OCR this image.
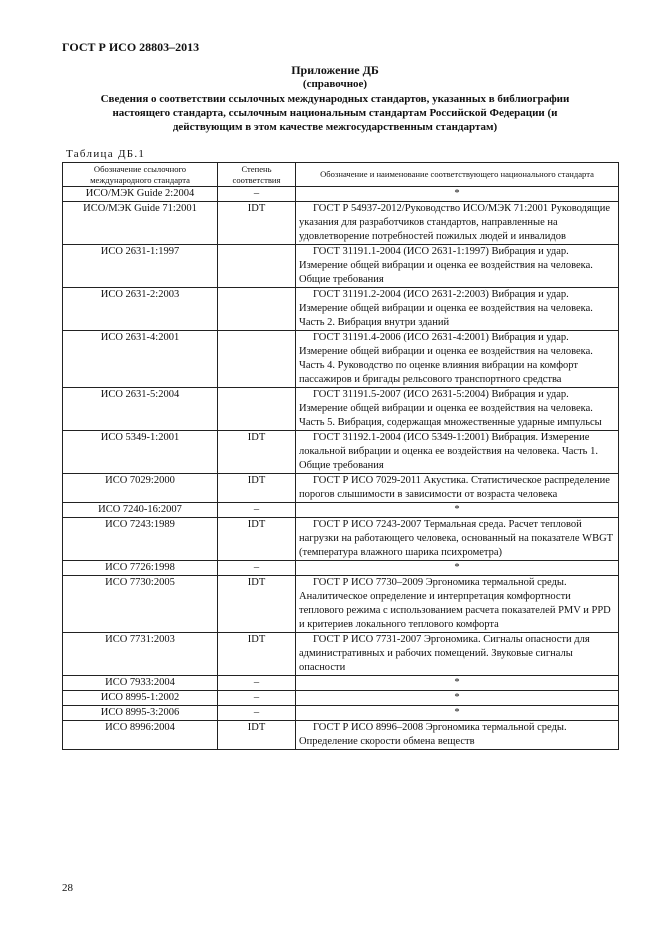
ГОСТ Р ИСО 28803–2013
Приложение ДБ
(справочное)
Сведения о соответствии ссылочных международных стандартов, указанных в библиографии
настоящего стандарта, ссылочным национальным стандартам Российской Федерации (и
действующим в этом качестве межгосударственным стандартам)
Таблица ДБ.1
Обозначение ссылочного международного стандарта	Степень соответствия	Обозначение и наименование соответствующего национального стандарта
ИСО/МЭК Guide 2:2004	–	*
ИСО/МЭК Guide 71:2001	IDT	ГОСТ Р 54937-2012/Руководство ИСО/МЭК 71:2001 Руководящие указания для разработчиков стандартов, направленные на удовлетворение потребностей пожилых людей и инвалидов
ИСО 2631-1:1997		ГОСТ 31191.1-2004 (ИСО 2631-1:1997) Вибрация и удар. Измерение общей вибрации и оценка ее воздействия на человека. Общие требования
ИСО 2631-2:2003		ГОСТ 31191.2-2004 (ИСО 2631-2:2003) Вибрация и удар. Измерение общей вибрации и оценка ее воздействия на человека. Часть 2. Вибрация внутри зданий
ИСО 2631-4:2001		ГОСТ 31191.4-2006 (ИСО 2631-4:2001) Вибрация и удар. Измерение общей вибрации и оценка ее воздействия на человека. Часть 4. Руководство по оценке влияния вибрации на комфорт пассажиров и бригады рельсового транспортного средства
ИСО 2631-5:2004		ГОСТ 31191.5-2007 (ИСО 2631-5:2004) Вибрация и удар. Измерение общей вибрации и оценка ее воздействия на человека. Часть 5. Вибрация, содержащая множественные ударные импульсы
ИСО 5349-1:2001	IDT	ГОСТ 31192.1-2004 (ИСО 5349-1:2001) Вибрация. Измерение локальной вибрации и оценка ее воздействия на человека. Часть 1. Общие требования
ИСО 7029:2000	IDT	ГОСТ Р ИСО 7029-2011 Акустика. Статистическое распределение порогов слышимости в зависимости от возраста человека
ИСО 7240-16:2007	–	*
ИСО 7243:1989	IDT	ГОСТ Р ИСО 7243-2007 Термальная среда. Расчет тепловой нагрузки на работающего человека, основанный на показателе WBGT (температура влажного шарика психрометра)
ИСО 7726:1998	–	*
ИСО 7730:2005	IDT	ГОСТ Р ИСО 7730–2009 Эргономика термальной среды. Аналитическое определение и интерпретация комфортности теплового режима с использованием расчета показателей PMV и PPD и критериев локального теплового комфорта
ИСО 7731:2003	IDT	ГОСТ Р ИСО 7731-2007 Эргономика. Сигналы опасности для административных и рабочих помещений. Звуковые сигналы опасности
ИСО 7933:2004	–	*
ИСО 8995-1:2002	–	*
ИСО 8995-3:2006	–	*
ИСО 8996:2004	IDT	ГОСТ Р ИСО 8996–2008 Эргономика термальной среды. Определение скорости обмена веществ
28
